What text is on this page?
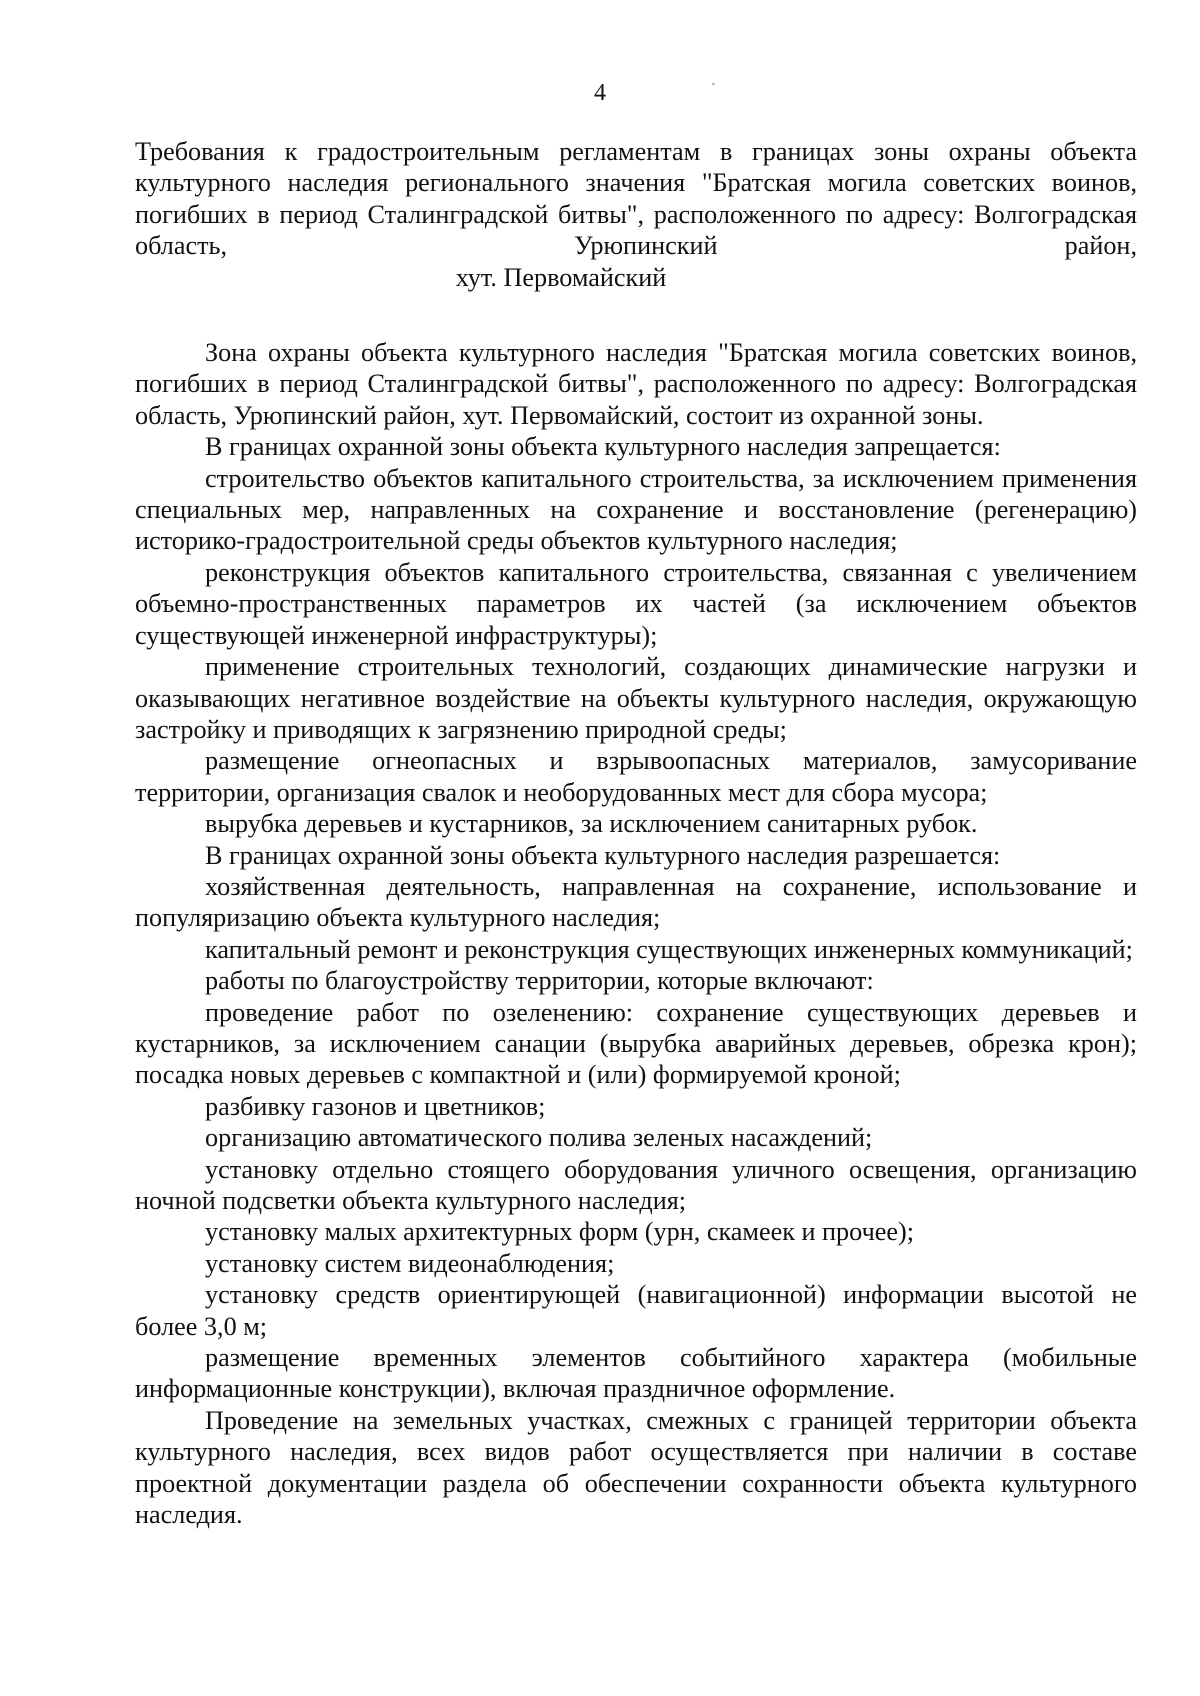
4
Требования к градостроительным регламентам в границах зоны охраны объекта культурного наследия регионального значения "Братская могила советских воинов, погибших в период Сталинградской битвы", расположенного по адресу: Волгоградская область, Урюпинский район,
хут. Первомайский

Зона охраны объекта культурного наследия "Братская могила советских воинов, погибших в период Сталинградской битвы", расположенного по адресу: Волгоградская область, Урюпинский район, хут. Первомайский, состоит из охранной зоны.

В границах охранной зоны объекта культурного наследия запрещается:

строительство объектов капитального строительства, за исключением применения специальных мер, направленных на сохранение и восстановление (регенерацию) историко-градостроительной среды объектов культурного наследия;

реконструкция объектов капитального строительства, связанная с увеличением объемно-пространственных параметров их частей (за исключением объектов существующей инженерной инфраструктуры);

применение строительных технологий, создающих динамические нагрузки и оказывающих негативное воздействие на объекты культурного наследия, окружающую застройку и приводящих к загрязнению природной среды;

размещение огнеопасных и взрывоопасных материалов, замусоривание территории, организация свалок и необорудованных мест для сбора мусора;

вырубка деревьев и кустарников, за исключением санитарных рубок.

В границах охранной зоны объекта культурного наследия разрешается:

хозяйственная деятельность, направленная на сохранение, использование и популяризацию объекта культурного наследия;

капитальный ремонт и реконструкция существующих инженерных коммуникаций;

работы по благоустройству территории, которые включают:

проведение работ по озеленению: сохранение существующих деревьев и кустарников, за исключением санации (вырубка аварийных деревьев, обрезка крон); посадка новых деревьев с компактной и (или) формируемой кроной;

разбивку газонов и цветников;

организацию автоматического полива зеленых насаждений;

установку отдельно стоящего оборудования уличного освещения, организацию ночной подсветки объекта культурного наследия;

установку малых архитектурных форм (урн, скамеек и прочее);

установку систем видеонаблюдения;

установку средств ориентирующей (навигационной) информации высотой не более 3,0 м;

размещение временных элементов событийного характера (мобильные информационные конструкции), включая праздничное оформление.

Проведение на земельных участках, смежных с границей территории объекта культурного наследия, всех видов работ осуществляется при наличии в составе проектной документации раздела об обеспечении сохранности объекта культурного наследия.
